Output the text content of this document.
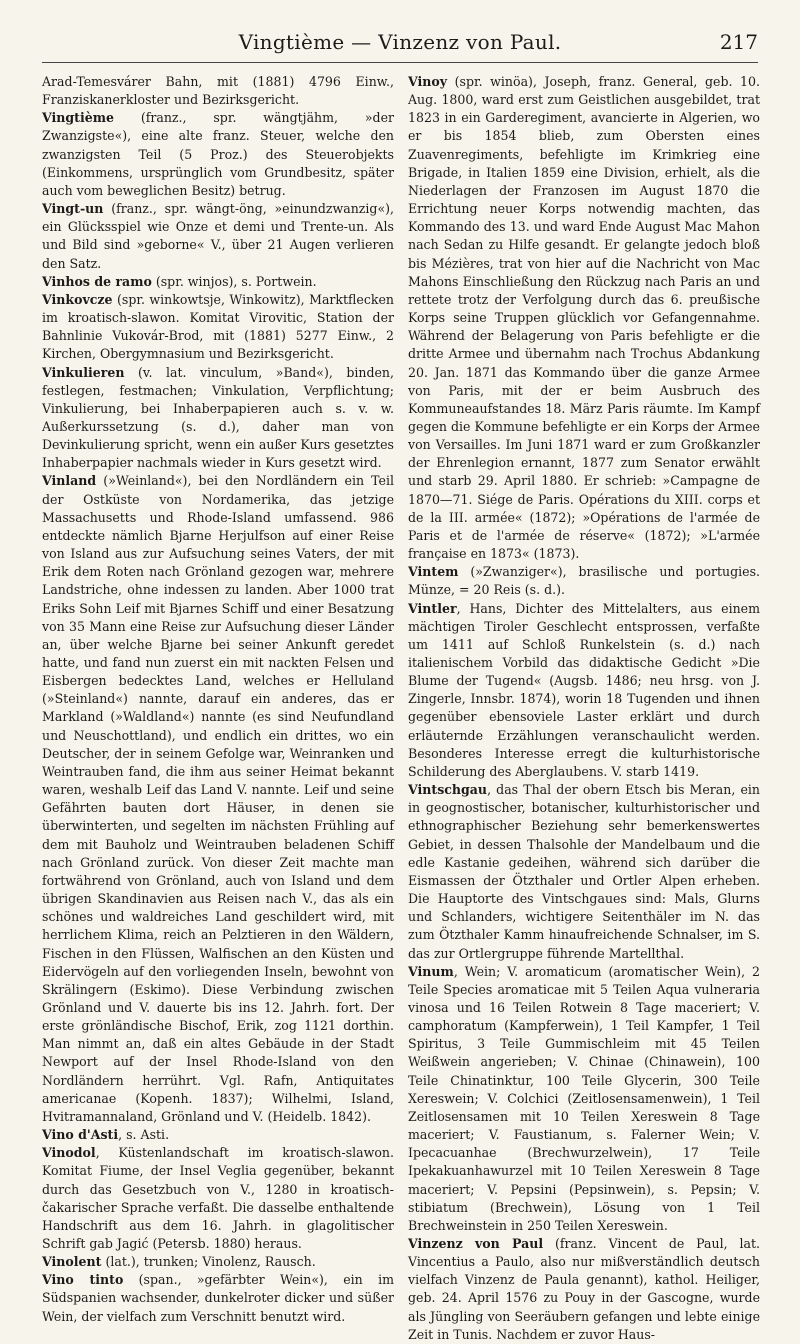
Vingtième — Vinzenz von Paul.	217

Arad-Temesvárer Bahn, mit (1881) 4796 Einw., Franziskanerkloster und Bezirksgericht.

Vingtième (franz., spr. wängtjähm, »der Zwanzigste«), eine alte franz. Steuer, welche den zwanzigsten Teil (5 Proz.) des Steuerobjekts (Einkommens, ursprünglich vom Grundbesitz, später auch vom beweglichen Besitz) betrug.

Vingt-un (franz., spr. wängt-öng, »einundzwanzig«), ein Glücksspiel wie Onze et demi und Trente-un. Als und Bild sind »geborne« V., über 21 Augen verlieren den Satz.

Vinhos de ramo (spr. winjos), s. Portwein.

Vinkovcze (spr. winkowtsje, Winkowitz), Marktflecken im kroatisch-slawon. Komitat Virovitic, Station der Bahnlinie Vukovár-Brod, mit (1881) 5277 Einw., 2 Kirchen, Obergymnasium und Bezirksgericht.

Vinkulieren (v. lat. vinculum, »Band«), binden, festlegen, festmachen; Vinkulation, Verpflichtung; Vinkulierung, bei Inhaberpapieren auch s. v. w. Außerkurssetzung (s. d.), daher man von Devinkulierung spricht, wenn ein außer Kurs gesetztes Inhaberpapier nachmals wieder in Kurs gesetzt wird.

Vinland (»Weinland«), bei den Nordländern ein Teil der Ostküste von Nordamerika, das jetzige Massachusetts und Rhode-Island umfassend. 986 entdeckte nämlich Bjarne Herjulfson auf einer Reise von Island aus zur Aufsuchung seines Vaters, der mit Erik dem Roten nach Grönland gezogen war, mehrere Landstriche, ohne indessen zu landen. Aber 1000 trat Eriks Sohn Leif mit Bjarnes Schiff und einer Besatzung von 35 Mann eine Reise zur Aufsuchung dieser Länder an, über welche Bjarne bei seiner Ankunft geredet hatte, und fand nun zuerst ein mit nackten Felsen und Eisbergen bedecktes Land, welches er Helluland (»Steinland«) nannte, darauf ein anderes, das er Markland (»Waldland«) nannte (es sind Neufundland und Neuschottland), und endlich ein drittes, wo ein Deutscher, der in seinem Gefolge war, Weinranken und Weintrauben fand, die ihm aus seiner Heimat bekannt waren, weshalb Leif das Land V. nannte. Leif und seine Gefährten bauten dort Häuser, in denen sie überwinterten, und segelten im nächsten Frühling auf dem mit Bauholz und Weintrauben beladenen Schiff nach Grönland zurück. Von dieser Zeit machte man fortwährend von Grönland, auch von Island und dem übrigen Skandinavien aus Reisen nach V., das als ein schönes und waldreiches Land geschildert wird, mit herrlichem Klima, reich an Pelztieren in den Wäldern, Fischen in den Flüssen, Walfischen an den Küsten und Eidervögeln auf den vorliegenden Inseln, bewohnt von Skrälingern (Eskimo). Diese Verbindung zwischen Grönland und V. dauerte bis ins 12. Jahrh. fort. Der erste grönländische Bischof, Erik, zog 1121 dorthin. Man nimmt an, daß ein altes Gebäude in der Stadt Newport auf der Insel Rhode-Island von den Nordländern herrührt. Vgl. Rafn, Antiquitates americanae (Kopenh. 1837); Wilhelmi, Island, Hvitramannaland, Grönland und V. (Heidelb. 1842).

Vino d'Asti, s. Asti.

Vinodol, Küstenlandschaft im kroatisch-slawon. Komitat Fiume, der Insel Veglia gegenüber, bekannt durch das Gesetzbuch von V., 1280 in kroatisch-čakarischer Sprache verfaßt. Die dasselbe enthaltende Handschrift aus dem 16. Jahrh. in glagolitischer Schrift gab Jagić (Petersb. 1880) heraus.

Vinolent (lat.), trunken; Vinolenz, Rausch.

Vino tinto (span., »gefärbter Wein«), ein im Südspanien wachsender, dunkelroter dicker und süßer Wein, der vielfach zum Verschnitt benutzt wird.

Vinoy (spr. winöa), Joseph, franz. General, geb. 10. Aug. 1800, ward erst zum Geistlichen ausgebildet, trat 1823 in ein Garderegiment, avancierte in Algerien, wo er bis 1854 blieb, zum Obersten eines Zuavenregiments, befehligte im Krimkrieg eine Brigade, in Italien 1859 eine Division, erhielt, als die Niederlagen der Franzosen im August 1870 die Errichtung neuer Korps notwendig machten, das Kommando des 13. und ward Ende August Mac Mahon nach Sedan zu Hilfe gesandt. Er gelangte jedoch bloß bis Mézières, trat von hier auf die Nachricht von Mac Mahons Einschließung den Rückzug nach Paris an und rettete trotz der Verfolgung durch das 6. preußische Korps seine Truppen glücklich vor Gefangennahme. Während der Belagerung von Paris befehligte er die dritte Armee und übernahm nach Trochus Abdankung 20. Jan. 1871 das Kommando über die ganze Armee von Paris, mit der er beim Ausbruch des Kommuneaufstandes 18. März Paris räumte. Im Kampf gegen die Kommune befehligte er ein Korps der Armee von Versailles. Im Juni 1871 ward er zum Großkanzler der Ehrenlegion ernannt, 1877 zum Senator erwählt und starb 29. April 1880. Er schrieb: »Campagne de 1870—71. Siége de Paris. Opérations du XIII. corps et de la III. armée« (1872); »Opérations de l'armée de Paris et de l'armée de réserve« (1872); »L'armée française en 1873« (1873).

Vintem (»Zwanziger«), brasilische und portugies. Münze, = 20 Reis (s. d.).

Vintler, Hans, Dichter des Mittelalters, aus einem mächtigen Tiroler Geschlecht entsprossen, verfaßte um 1411 auf Schloß Runkelstein (s. d.) nach italienischem Vorbild das didaktische Gedicht »Die Blume der Tugend« (Augsb. 1486; neu hrsg. von J. Zingerle, Innsbr. 1874), worin 18 Tugenden und ihnen gegenüber ebensoviele Laster erklärt und durch erläuternde Erzählungen veranschaulicht werden. Besonderes Interesse erregt die kulturhistorische Schilderung des Aberglaubens. V. starb 1419.

Vintschgau, das Thal der obern Etsch bis Meran, ein in geognostischer, botanischer, kulturhistorischer und ethnographischer Beziehung sehr bemerkenswertes Gebiet, in dessen Thalsohle der Mandelbaum und die edle Kastanie gedeihen, während sich darüber die Eismassen der Ötzthaler und Ortler Alpen erheben. Die Hauptorte des Vintschgaues sind: Mals, Glurns und Schlanders, wichtigere Seitenthäler im N. das zum Ötzthaler Kamm hinaufreichende Schnalser, im S. das zur Ortlergruppe führende Martellthal.

Vinum, Wein; V. aromaticum (aromatischer Wein), 2 Teile Species aromaticae mit 5 Teilen Aqua vulneraria vinosa und 16 Teilen Rotwein 8 Tage maceriert; V. camphoratum (Kampferwein), 1 Teil Kampfer, 1 Teil Spiritus, 3 Teile Gummischleim mit 45 Teilen Weißwein angerieben; V. Chinae (Chinawein), 100 Teile Chinatinktur, 100 Teile Glycerin, 300 Teile Xereswein; V. Colchici (Zeitlosensamenwein), 1 Teil Zeitlosensamen mit 10 Teilen Xereswein 8 Tage maceriert; V. Faustianum, s. Falerner Wein; V. Ipecacuanhae (Brechwurzelwein), 17 Teile Ipekakuanhawurzel mit 10 Teilen Xereswein 8 Tage maceriert; V. Pepsini (Pepsinwein), s. Pepsin; V. stibiatum (Brechwein), Lösung von 1 Teil Brechweinstein in 250 Teilen Xereswein.

Vinzenz von Paul (franz. Vincent de Paul, lat. Vincentius a Paulo, also nur mißverständlich deutsch vielfach Vinzenz de Paula genannt), kathol. Heiliger, geb. 24. April 1576 zu Pouy in der Gascogne, wurde als Jüngling von Seeräubern gefangen und lebte einige Zeit in Tunis. Nachdem er zuvor Haus-
